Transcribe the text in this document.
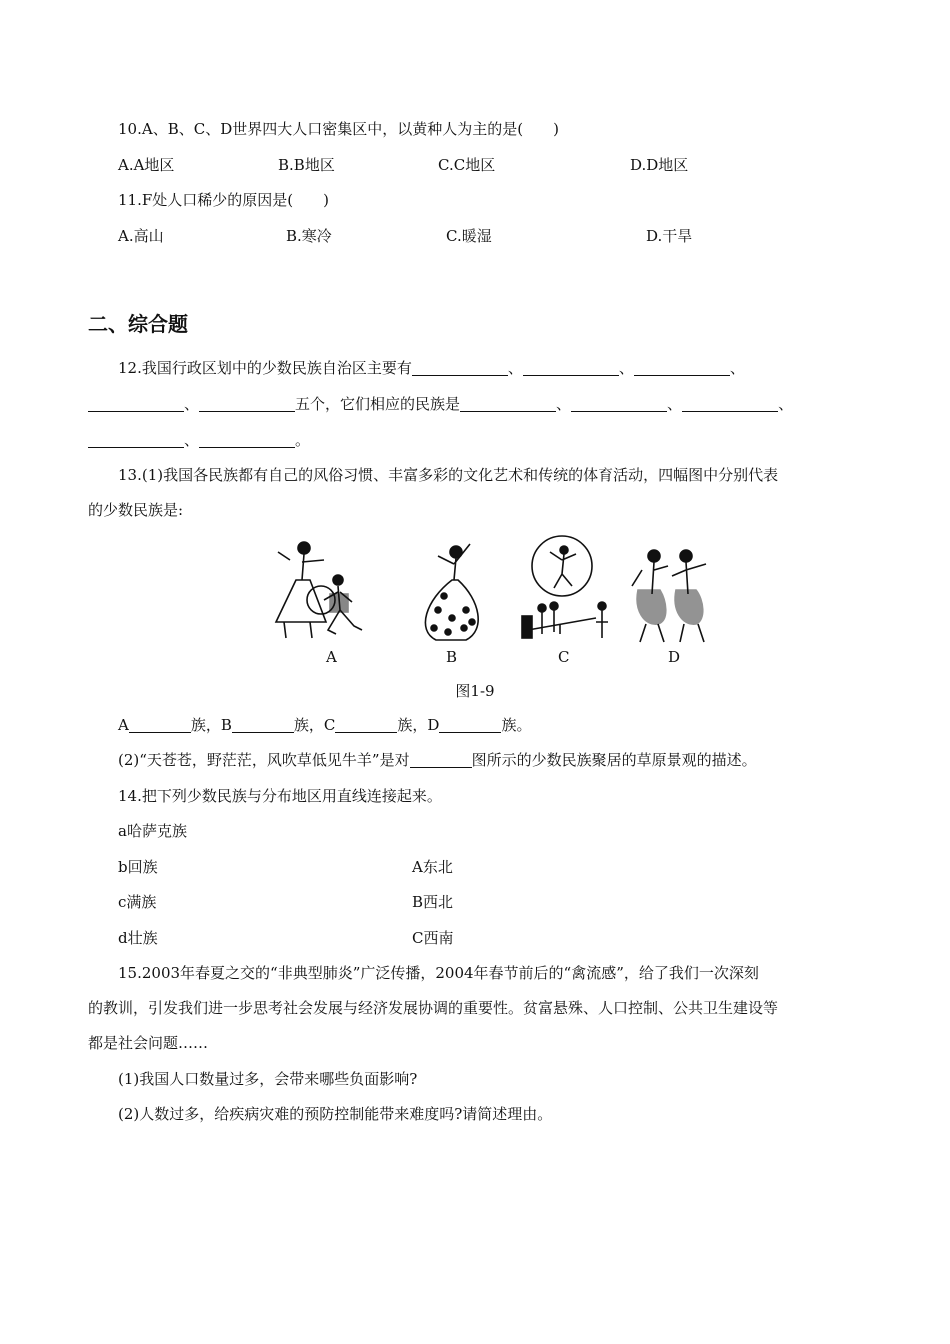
10.A、B、C、D世界四大人口密集区中，以黄种人为主的是(　　)
A.A地区	B.B地区	C.C地区	D.D地区
11.F处人口稀少的原因是(　　)
A.高山	B.寒冷	C.暖湿	D.干旱
二、综合题
12.我国行政区划中的少数民族自治区主要有	、	、	、
、	五个，它们相应的民族是	、	、	、
、	。
13.(1)我国各民族都有自己的风俗习惯、丰富多彩的文化艺术和传统的体育活动，四幅图中分别代表
的少数民族是:
A	B	C	D
图1-9
A	族，B	族，C	族，D	族。
(2)“天苍苍，野茫茫，风吹草低见牛羊”是对	图所示的少数民族聚居的草原景观的描述。
14.把下列少数民族与分布地区用直线连接起来。
a哈萨克族
b回族	A东北
c满族	B西北
d壮族	C西南
15.2003年春夏之交的“非典型肺炎”广泛传播，2004年春节前后的“禽流感”，给了我们一次深刻
的教训，引发我们进一步思考社会发展与经济发展协调的重要性。贫富悬殊、人口控制、公共卫生建设等
都是社会问题……
(1)我国人口数量过多，会带来哪些负面影响?
(2)人数过多，给疾病灾难的预防控制能带来难度吗?请简述理由。
